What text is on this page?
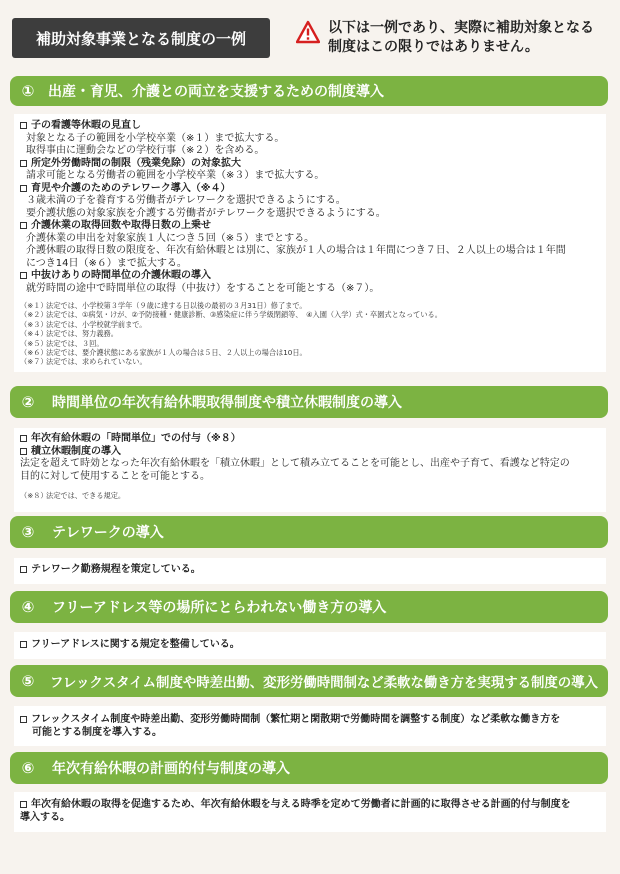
補助対象事業となる制度の一例
以下は一例であり、実際に補助対象となる
制度はこの限りではありません。
① 出産・育児、介護との両立を支援するための制度導入
子の看護等休暇の見直し
対象となる子の範囲を小学校卒業（※１）まで拡大する。
取得事由に運動会などの学校行事（※２）を含める。
所定外労働時間の制限（残業免除）の対象拡大
請求可能となる労働者の範囲を小学校卒業（※３）まで拡大する。
育児や介護のためのテレワーク導入（※４）
３歳未満の子を養育する労働者がテレワークを選択できるようにする。
要介護状態の対象家族を介護する労働者がテレワークを選択できるようにする。
介護休業の取得回数や取得日数の上乗せ
介護休業の申出を対象家族１人につき５回（※５）までとする。
介護休暇の取得日数の限度を、年次有給休暇とは別に、家族が１人の場合は１年間につき７日、２人以上の場合は１年間
につき14日（※６）まで拡大する。
中抜けありの時間単位の介護休暇の導入
就労時間の途中で時間単位の取得（中抜け）をすることを可能とする（※７）。
（※１）
法定では、小学校第３学年（９歳に達する日以後の最初の３月31日）修了まで。
（※２）
法定では、①病気・けが、②予防接種・健康診断、③感染症に伴う学級閉鎖等、　④入園（入学）式・卒園式となっている。
（※３）
法定では、小学校就学前まで。
（※４）
法定では、努力義務。
（※５）
法定では、３回。
（※６）
法定では、要介護状態にある家族が１人の場合は５日、２人以上の場合は10日。
（※７）
法定では、求められていない。
②	時間単位の年次有給休暇取得制度や積立休暇制度の導入
年次有給休暇の「時間単位」での付与（※８）
積立休暇制度の導入
法定を超えて時効となった年次有給休暇を「積立休暇」として積み立てることを可能とし、出産や子育て、看護など特定の
目的に対して使用することを可能とする。
（※８）
法定では、できる規定。
③	テレワークの導入
テレワーク勤務規程を策定している。
④	フリーアドレス等の場所にとらわれない働き方の導入
フリーアドレスに関する規定を整備している。
⑤	フレックスタイム制度や時差出勤、変形労働時間制など柔軟な働き方を実現する制度の導入
フレックスタイム制度や時差出勤、変形労働時間制（繁忙期と閑散期で労働時間を調整する制度）など柔軟な働き方を
可能とする制度を導入する。
⑥	年次有給休暇の計画的付与制度の導入
年次有給休暇の取得を促進するため、年次有給休暇を与える時季を定めて労働者に計画的に取得させる計画的付与制度を
導入する。
